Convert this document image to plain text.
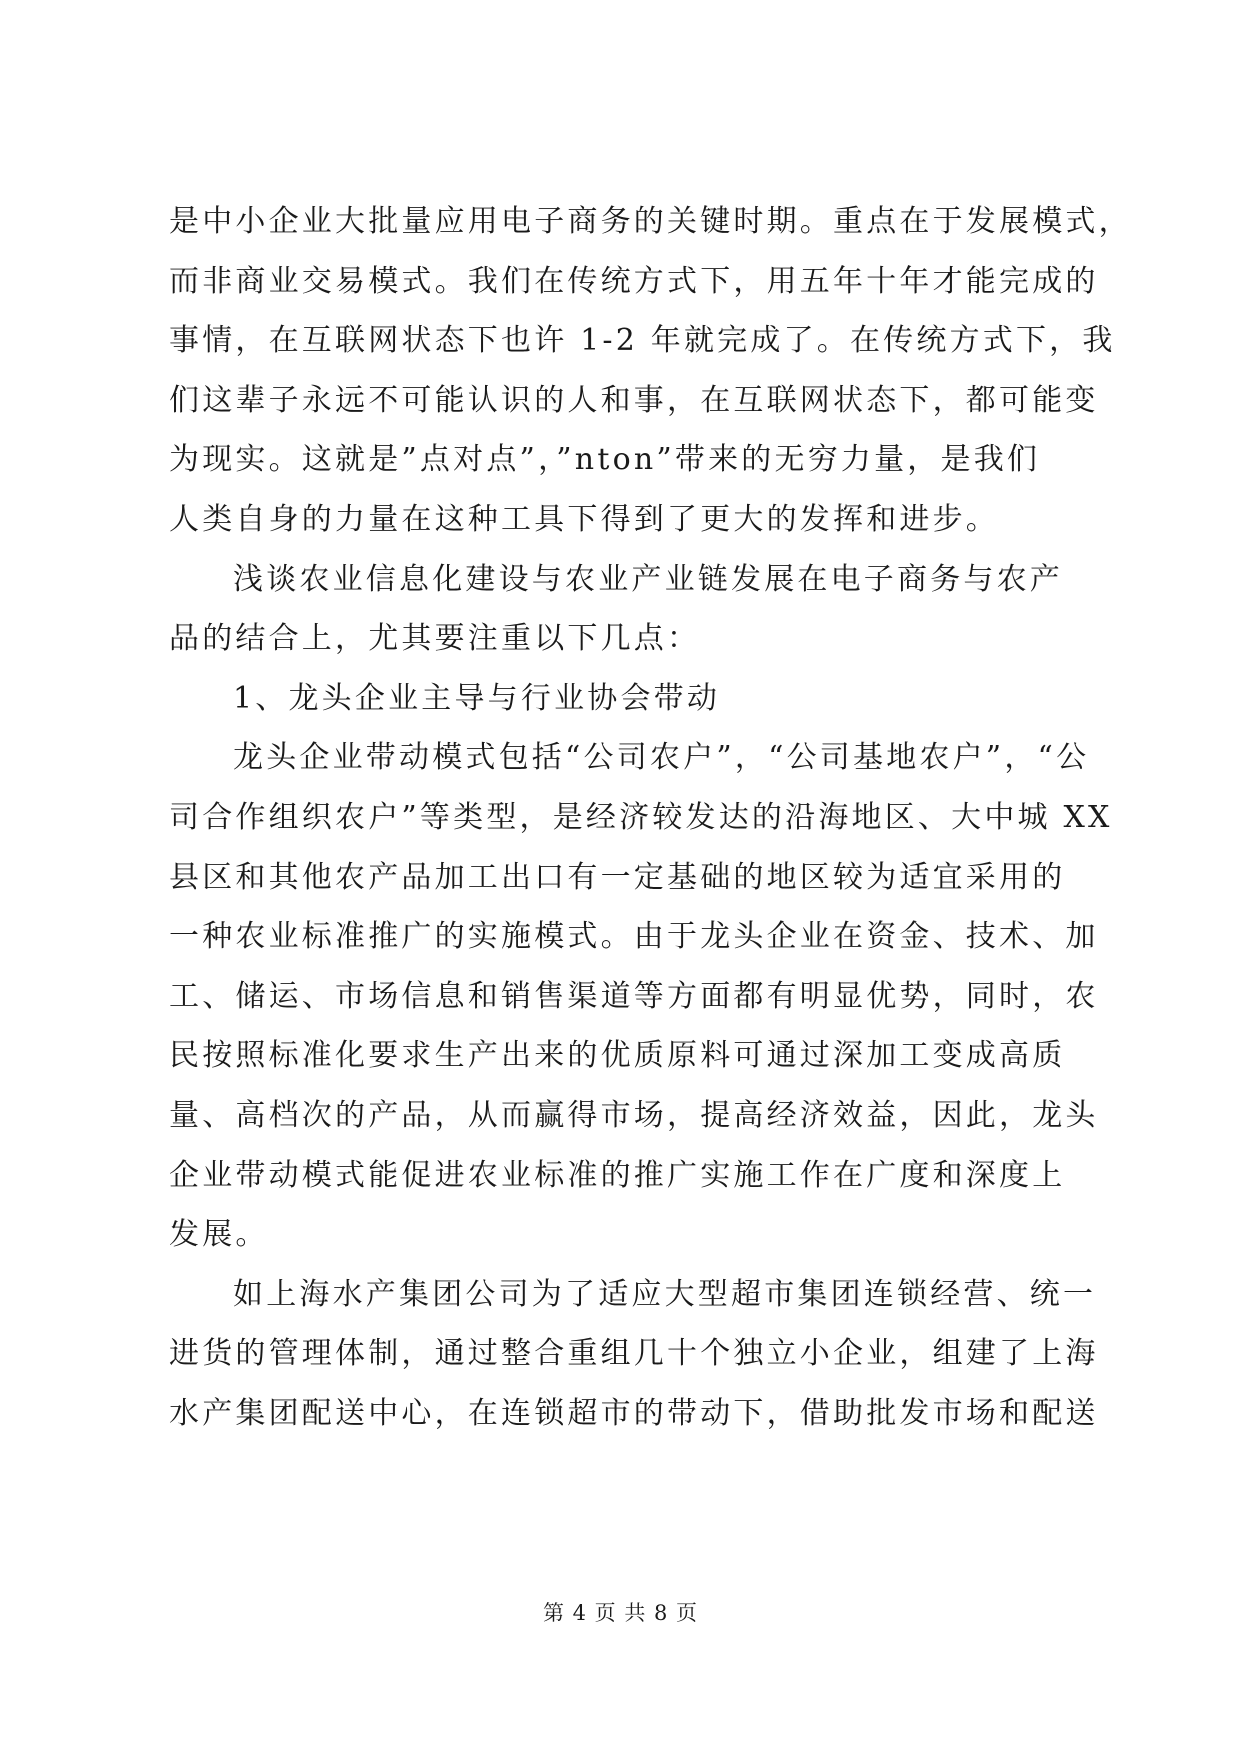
是中小企业大批量应用电子商务的关键时期。重点在于发展模式，
而非商业交易模式。我们在传统方式下，用五年十年才能完成的
事情，在互联网状态下也许 1-2 年就完成了。在传统方式下，我
们这辈子永远不可能认识的人和事，在互联网状态下，都可能变
为现实。这就是”点对点”，”nton”带来的无穷力量，是我们
人类自身的力量在这种工具下得到了更大的发挥和进步。
浅谈农业信息化建设与农业产业链发展在电子商务与农产
品的结合上，尤其要注重以下几点：
1、龙头企业主导与行业协会带动
龙头企业带动模式包括“公司农户”，“公司基地农户”，“公
司合作组织农户”等类型，是经济较发达的沿海地区、大中城 XX
县区和其他农产品加工出口有一定基础的地区较为适宜采用的
一种农业标准推广的实施模式。由于龙头企业在资金、技术、加
工、储运、市场信息和销售渠道等方面都有明显优势，同时，农
民按照标准化要求生产出来的优质原料可通过深加工变成高质
量、高档次的产品，从而赢得市场，提高经济效益，因此，龙头
企业带动模式能促进农业标准的推广实施工作在广度和深度上
发展。
如上海水产集团公司为了适应大型超市集团连锁经营、统一
进货的管理体制，通过整合重组几十个独立小企业，组建了上海
水产集团配送中心，在连锁超市的带动下，借助批发市场和配送
第 4 页 共 8 页
